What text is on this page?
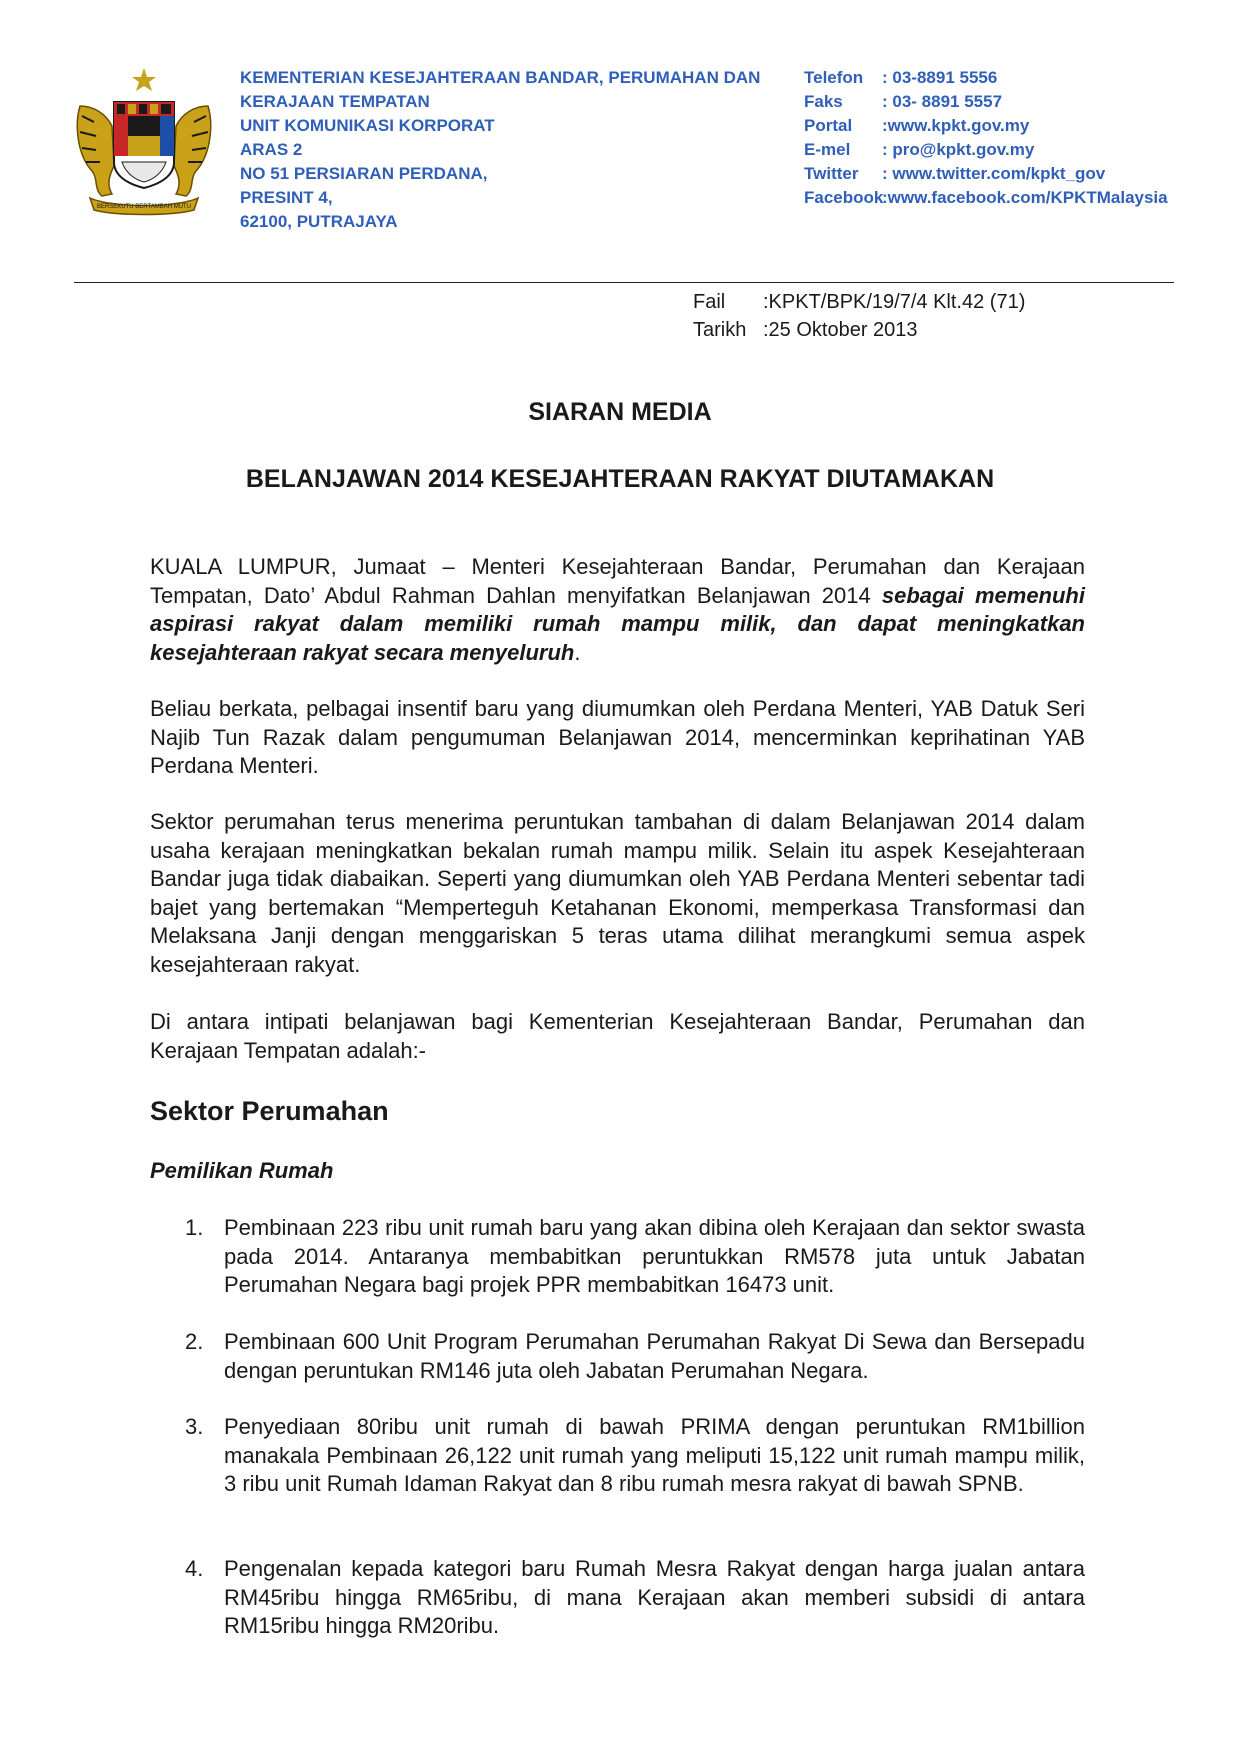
BERSEKUTU BERTAMBAH MUTU
KEMENTERIAN KESEJAHTERAAN BANDAR, PERUMAHAN DAN
KERAJAAN TEMPATAN
UNIT KOMUNIKASI KORPORAT
ARAS 2
NO 51 PERSIARAN PERDANA,
PRESINT 4,
62100, PUTRAJAYA
Telefon : 03-8891 5556
Faks : 03- 8891 5557
Portal :www.kpkt.gov.my
E-mel : pro@kpkt.gov.my
Twitter : www.twitter.com/kpkt_gov
Facebook:www.facebook.com/KPKTMalaysia
Fail :KPKT/BPK/19/7/4 Klt.42 (71)
Tarikh :25 Oktober 2013
SIARAN MEDIA
BELANJAWAN 2014 KESEJAHTERAAN RAKYAT DIUTAMAKAN

KUALA LUMPUR, Jumaat – Menteri Kesejahteraan Bandar, Perumahan dan Kerajaan Tempatan, Dato’ Abdul Rahman Dahlan menyifatkan Belanjawan 2014 sebagai memenuhi aspirasi rakyat dalam memiliki rumah mampu milik, dan dapat meningkatkan kesejahteraan rakyat secara menyeluruh.

Beliau berkata, pelbagai insentif baru yang diumumkan oleh Perdana Menteri, YAB Datuk Seri Najib Tun Razak dalam pengumuman Belanjawan 2014, mencerminkan keprihatinan YAB Perdana Menteri.

Sektor perumahan terus menerima peruntukan tambahan di dalam Belanjawan 2014 dalam usaha kerajaan meningkatkan bekalan rumah mampu milik. Selain itu aspek Kesejahteraan Bandar juga tidak diabaikan. Seperti yang diumumkan oleh YAB Perdana Menteri sebentar tadi bajet yang bertemakan “Memperteguh Ketahanan Ekonomi, memperkasa Transformasi dan Melaksana Janji dengan menggariskan 5 teras utama dilihat merangkumi semua aspek kesejahteraan rakyat.

Di antara intipati belanjawan bagi Kementerian Kesejahteraan Bandar, Perumahan dan Kerajaan Tempatan adalah:-

Sektor Perumahan
Pemilikan Rumah
1. Pembinaan 223 ribu unit rumah baru yang akan dibina oleh Kerajaan dan sektor swasta pada 2014. Antaranya membabitkan peruntukkan RM578 juta untuk Jabatan Perumahan Negara bagi projek PPR membabitkan 16473 unit.
2. Pembinaan 600 Unit Program Perumahan Perumahan Rakyat Di Sewa dan Bersepadu dengan peruntukan RM146 juta oleh Jabatan Perumahan Negara.
3. Penyediaan 80ribu unit rumah di bawah PRIMA dengan peruntukan RM1billion manakala Pembinaan 26,122 unit rumah yang meliputi 15,122 unit rumah mampu milik, 3 ribu unit Rumah Idaman Rakyat dan 8 ribu rumah mesra rakyat di bawah SPNB.
4. Pengenalan kepada kategori baru Rumah Mesra Rakyat dengan harga jualan antara RM45ribu hingga RM65ribu, di mana Kerajaan akan memberi subsidi di antara RM15ribu hingga RM20ribu.
